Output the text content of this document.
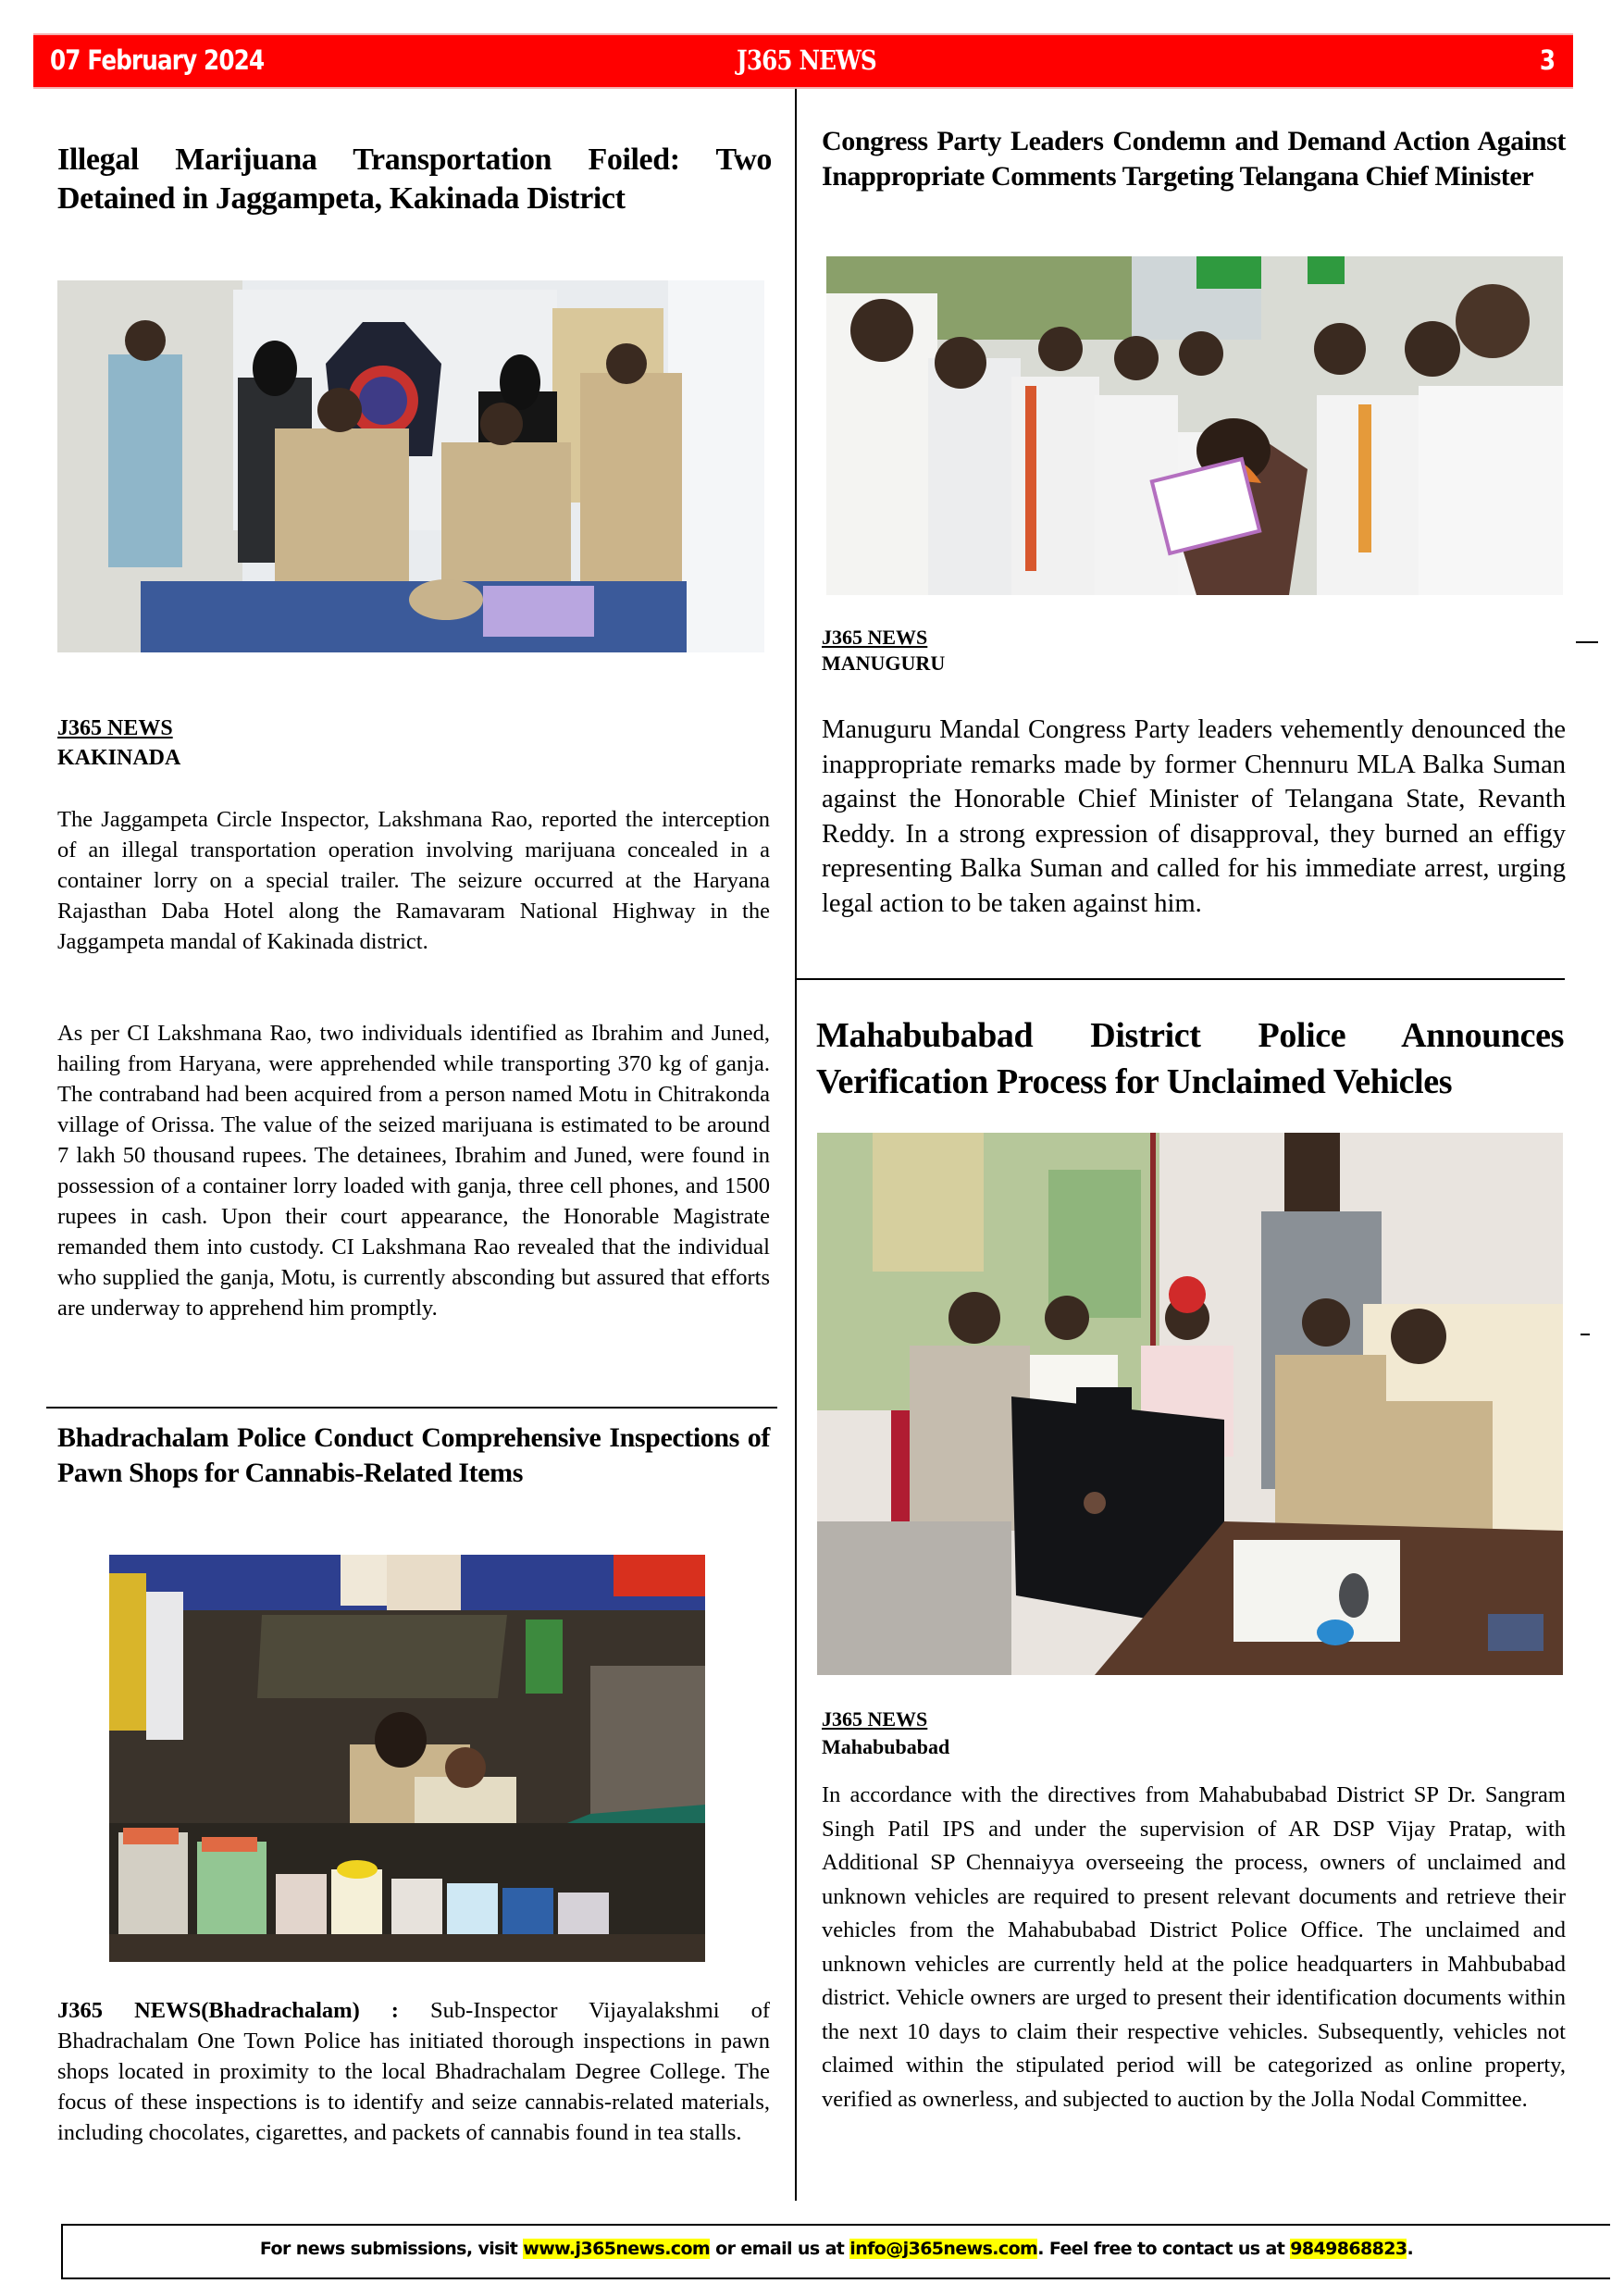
07 February 2024	J365 NEWS	3
Illegal Marijuana Transportation Foiled: Two Detained in Jaggampeta, Kakinada District
J365 NEWS
KAKINADA

The Jaggampeta Circle Inspector, Lakshmana Rao, reported the interception of an illegal transportation operation involving marijuana concealed in a container lorry on a special trailer. The seizure occurred at the Haryana Rajasthan Daba Hotel along the Ramavaram National Highway in the Jaggampeta mandal of Kakinada district.

As per CI Lakshmana Rao, two individuals identified as Ibrahim and Juned, hailing from Haryana, were apprehended while transporting 370 kg of ganja. The contraband had been acquired from a person named Motu in Chitrakonda village of Orissa. The value of the seized marijuana is estimated to be around 7 lakh 50 thousand rupees. The detainees, Ibrahim and Juned, were found in possession of a container lorry loaded with ganja, three cell phones, and 1500 rupees in cash. Upon their court appearance, the Honorable Magistrate remanded them into custody. CI Lakshmana Rao revealed that the individual who supplied the ganja, Motu, is currently absconding but assured that efforts are underway to apprehend him promptly.

Bhadrachalam Police Conduct Comprehensive Inspections of Pawn Shops for Cannabis-Related Items

J365 NEWS(Bhadrachalam) : Sub-Inspector Vijayalakshmi of Bhadrachalam One Town Police has initiated thorough inspections in pawn shops located in proximity to the local Bhadrachalam Degree College. The focus of these inspections is to identify and seize cannabis-related materials, including chocolates, cigarettes, and packets of cannabis found in tea stalls.

Congress Party Leaders Condemn and Demand Action Against Inappropriate Comments Targeting Telangana Chief Minister
J365 NEWS
MANUGURU

Manuguru Mandal Congress Party leaders vehemently denounced the inappropriate remarks made by former Chennuru MLA Balka Suman against the Honorable Chief Minister of Telangana State, Revanth Reddy. In a strong expression of disapproval, they burned an effigy representing Balka Suman and called for his immediate arrest, urging legal action to be taken against him.

Mahabubabad District Police Announces Verification Process for Unclaimed Vehicles
J365 NEWS
Mahabubabad

In accordance with the directives from Mahabubabad District SP Dr. Sangram Singh Patil IPS and under the supervision of AR DSP Vijay Pratap, with Additional SP Chennaiyya overseeing the process, owners of unclaimed and unknown vehicles are required to present relevant documents and retrieve their vehicles from the Mahabubabad District Police Office. The unclaimed and unknown vehicles are currently held at the police headquarters in Mahbubabad district. Vehicle owners are urged to present their identification documents within the next 10 days to claim their respective vehicles. Subsequently, vehicles not claimed within the stipulated period will be categorized as online property, verified as ownerless, and subjected to auction by the Jolla Nodal Committee.

For news submissions, visit www.j365news.com or email us at info@j365news.com. Feel free to contact us at 9849868823.
